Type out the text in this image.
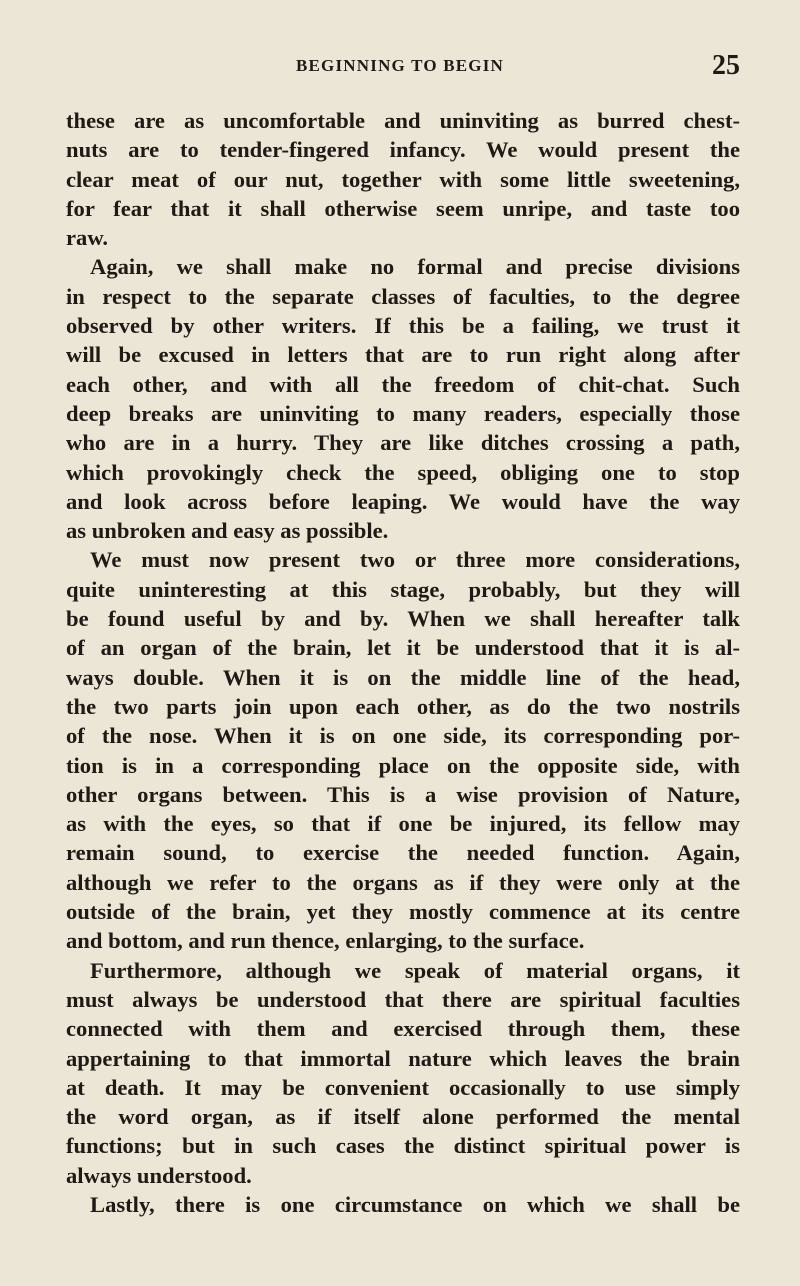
BEGINNING TO BEGIN	25
these are as uncomfortable and uninviting as burred chest-
nuts are to tender-fingered infancy. We would present the
clear meat of our nut, together with some little sweetening,
for fear that it shall otherwise seem unripe, and taste too
raw.
Again, we shall make no formal and precise divisions
in respect to the separate classes of faculties, to the degree
observed by other writers. If this be a failing, we trust it
will be excused in letters that are to run right along after
each other, and with all the freedom of chit-chat. Such
deep breaks are uninviting to many readers, especially those
who are in a hurry. They are like ditches crossing a path,
which provokingly check the speed, obliging one to stop
and look across before leaping. We would have the way
as unbroken and easy as possible.
We must now present two or three more considerations,
quite uninteresting at this stage, probably, but they will
be found useful by and by. When we shall hereafter talk
of an organ of the brain, let it be understood that it is al-
ways double. When it is on the middle line of the head,
the two parts join upon each other, as do the two nostrils
of the nose. When it is on one side, its corresponding por-
tion is in a corresponding place on the opposite side, with
other organs between. This is a wise provision of Nature,
as with the eyes, so that if one be injured, its fellow may
remain sound, to exercise the needed function. Again,
although we refer to the organs as if they were only at the
outside of the brain, yet they mostly commence at its centre
and bottom, and run thence, enlarging, to the surface.
Furthermore, although we speak of material organs, it
must always be understood that there are spiritual faculties
connected with them and exercised through them, these
appertaining to that immortal nature which leaves the brain
at death. It may be convenient occasionally to use simply
the word organ, as if itself alone performed the mental
functions; but in such cases the distinct spiritual power is
always understood.
Lastly, there is one circumstance on which we shall be
